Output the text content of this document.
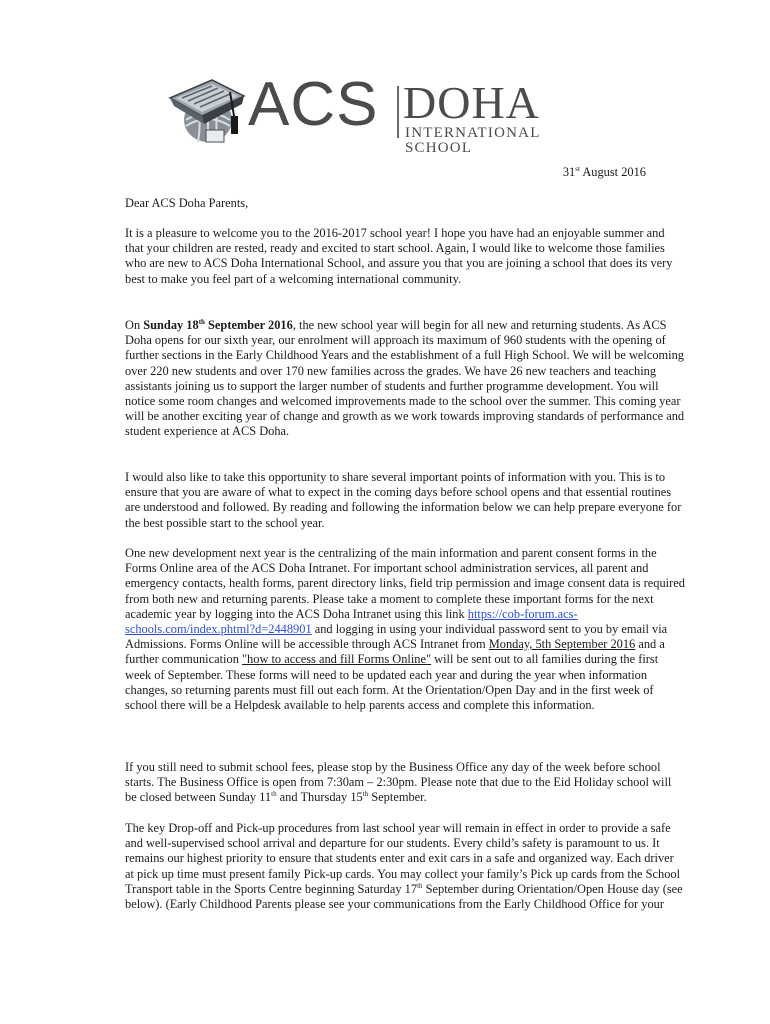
ACS DOHA
INTERNATIONAL SCHOOL
31st August 2016

Dear ACS Doha Parents,

It is a pleasure to welcome you to the 2016-2017 school year! I hope you have had an enjoyable summer and that your children are rested, ready and excited to start school. Again, I would like to welcome those families who are new to ACS Doha International School, and assure you that you are joining a school that does its very best to make you feel part of a welcoming international community.

On Sunday 18th September 2016, the new school year will begin for all new and returning students. As ACS Doha opens for our sixth year, our enrolment will approach its maximum of 960 students with the opening of further sections in the Early Childhood Years and the establishment of a full High School. We will be welcoming over 220 new students and over 170 new families across the grades. We have 26 new teachers and teaching assistants joining us to support the larger number of students and further programme development. You will notice some room changes and welcomed improvements made to the school over the summer. This coming year will be another exciting year of change and growth as we work towards improving standards of performance and student experience at ACS Doha.

I would also like to take this opportunity to share several important points of information with you. This is to ensure that you are aware of what to expect in the coming days before school opens and that essential routines are understood and followed. By reading and following the information below we can help prepare everyone for the best possible start to the school year.

One new development next year is the centralizing of the main information and parent consent forms in the Forms Online area of the ACS Doha Intranet. For important school administration services, all parent and emergency contacts, health forms, parent directory links, field trip permission and image consent data is required from both new and returning parents. Please take a moment to complete these important forms for the next academic year by logging into the ACS Doha Intranet using this link https://cob-forum.acs-schools.com/index.phtml?d=2448901 and logging in using your individual password sent to you by email via Admissions. Forms Online will be accessible through ACS Intranet from Monday, 5th September 2016 and a further communication "how to access and fill Forms Online" will be sent out to all families during the first week of September. These forms will need to be updated each year and during the year when information changes, so returning parents must fill out each form. At the Orientation/Open Day and in the first week of school there will be a Helpdesk available to help parents access and complete this information.

If you still need to submit school fees, please stop by the Business Office any day of the week before school starts. The Business Office is open from 7:30am – 2:30pm. Please note that due to the Eid Holiday school will be closed between Sunday 11th and Thursday 15th September.

The key Drop-off and Pick-up procedures from last school year will remain in effect in order to provide a safe and well-supervised school arrival and departure for our students. Every child’s safety is paramount to us. It remains our highest priority to ensure that students enter and exit cars in a safe and organized way. Each driver at pick up time must present family Pick-up cards. You may collect your family’s Pick up cards from the School Transport table in the Sports Centre beginning Saturday 17th September during Orientation/Open House day (see below). (Early Childhood Parents please see your communications from the Early Childhood Office for your
